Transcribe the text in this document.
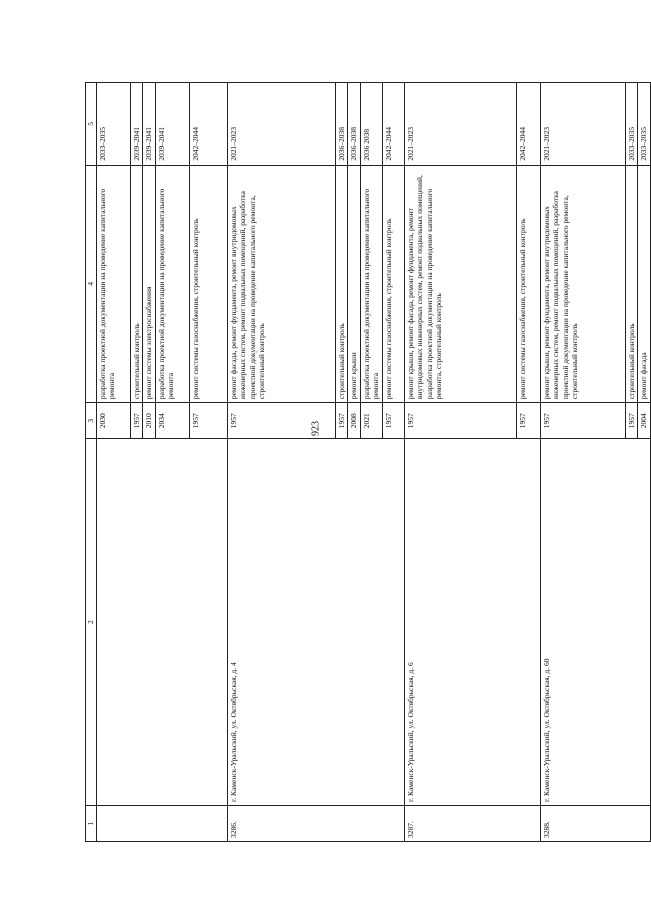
923
1	2	3	4	5
		2030	разработка проектной документации на проведение капитального ремонта	2033–2035
		1957	строительный контроль	2039–2041
		2010	ремонт системы электроснабжения	2039–2041
		2034	разработка проектной документации на проведение капитального ремонта	2039–2041
		1957	ремонт системы газоснабжения, строительный контроль	2042–2044
3286.	г. Каменск-Уральский, ул. Октябрьская, д. 4	1957	ремонт фасада, ремонт фундамента, ремонт внутридомовых инженерных систем, ремонт подвальных помещений, разработка проектной документации на проведение капитального ремонта, строительный контроль	2021–2023
		1957	строительный контроль	2036–2038
		2008	ремонт крыши	2036–2038
		2021	разработка проектной документации на проведение капитального ремонта	2036 2038
		1957	ремонт системы газоснабжения, строительный контроль	2042–2044
3287.	г. Каменск-Уральский, ул. Октябрьская, д. 6	1957	ремонт крыши, ремонт фасада, ремонт фундамента, ремонт внутридомовых инженерных систем, ремонт подвальных помещений, разработка проектной документации на проведение капитального ремонта, строительный контроль	2021–2023
		1957	ремонт системы газоснабжения, строительный контроль	2042–2044
3288.	г. Каменск-Уральский, ул. Октябрьская, д. 60	1957	ремонт крыши, ремонт фундамента, ремонт внутридомовых инженерных систем, ремонт подвальных помещений, разработка проектной документации на проведение капитального ремонта, строительный контроль	2021–2023
		1957	строительный контроль	2033–2035
		2004	ремонт фасада	2033–2035
